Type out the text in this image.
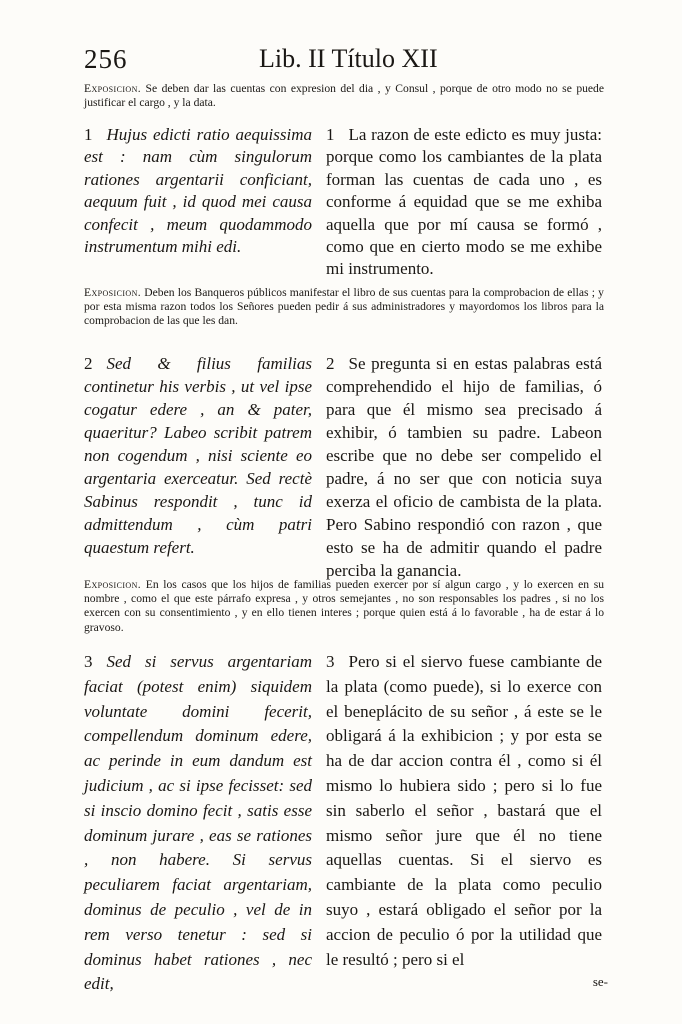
256	Lib. II Título XII
Exposicion. Se deben dar las cuentas con expresion del dia , y Consul , porque de otro modo no se puede justificar el cargo , y la data.
1 Hujus edicti ratio aequissima est : nam cùm singulorum rationes argentarii conficiant, aequum fuit , id quod mei causa confecit , meum quodammodo instrumentum mihi edi.
1 La razon de este edicto es muy justa: porque como los cambiantes de la plata forman las cuentas de cada uno , es conforme á equidad que se me exhiba aquella que por mí causa se formó , como que en cierto modo se me exhibe mi instrumento.
Exposicion. Deben los Banqueros públicos manifestar el libro de sus cuentas para la comprobacion de ellas ; y por esta misma razon todos los Señores pueden pedir á sus administradores y mayordomos los libros para la comprobacion de las que les dan.
2 Sed & filius familias continetur his verbis , ut vel ipse cogatur edere , an & pater, quaeritur? Labeo scribit patrem non cogendum , nisi sciente eo argentaria exerceatur. Sed rectè Sabinus respondit , tunc id admittendum , cùm patri quaestum refert.
2 Se pregunta si en estas palabras está comprehendido el hijo de familias, ó para que él mismo sea precisado á exhibir, ó tambien su padre. Labeon escribe que no debe ser compelido el padre, á no ser que con noticia suya exerza el oficio de cambista de la plata. Pero Sabino respondió con razon , que esto se ha de admitir quando el padre perciba la ganancia.
Exposicion. En los casos que los hijos de familias pueden exercer por sí algun cargo , y lo exercen en su nombre , como el que este párrafo expresa , y otros semejantes , no son responsables los padres , si no los exercen con su consentimiento , y en ello tienen interes ; porque quien está á lo favorable , ha de estar á lo gravoso.
3 Sed si servus argentariam faciat (potest enim) siquidem voluntate domini fecerit, compellendum dominum edere, ac perinde in eum dandum est judicium , ac si ipse fecisset: sed si inscio domino fecit , satis esse dominum jurare , eas se rationes , non habere. Si servus peculiarem faciat argentariam, dominus de peculio , vel de in rem verso tenetur : sed si dominus habet rationes , nec edit,
3 Pero si el siervo fuese cambiante de la plata (como puede), si lo exerce con el beneplácito de su señor , á este se le obligará á la exhibicion ; y por esta se ha de dar accion contra él , como si él mismo lo hubiera sido ; pero si lo fue sin saberlo el señor , bastará que el mismo señor jure que él no tiene aquellas cuentas. Si el siervo es cambiante de la plata como peculio suyo , estará obligado el señor por la accion de peculio ó por la utilidad que le resultó ; pero si el
se-
